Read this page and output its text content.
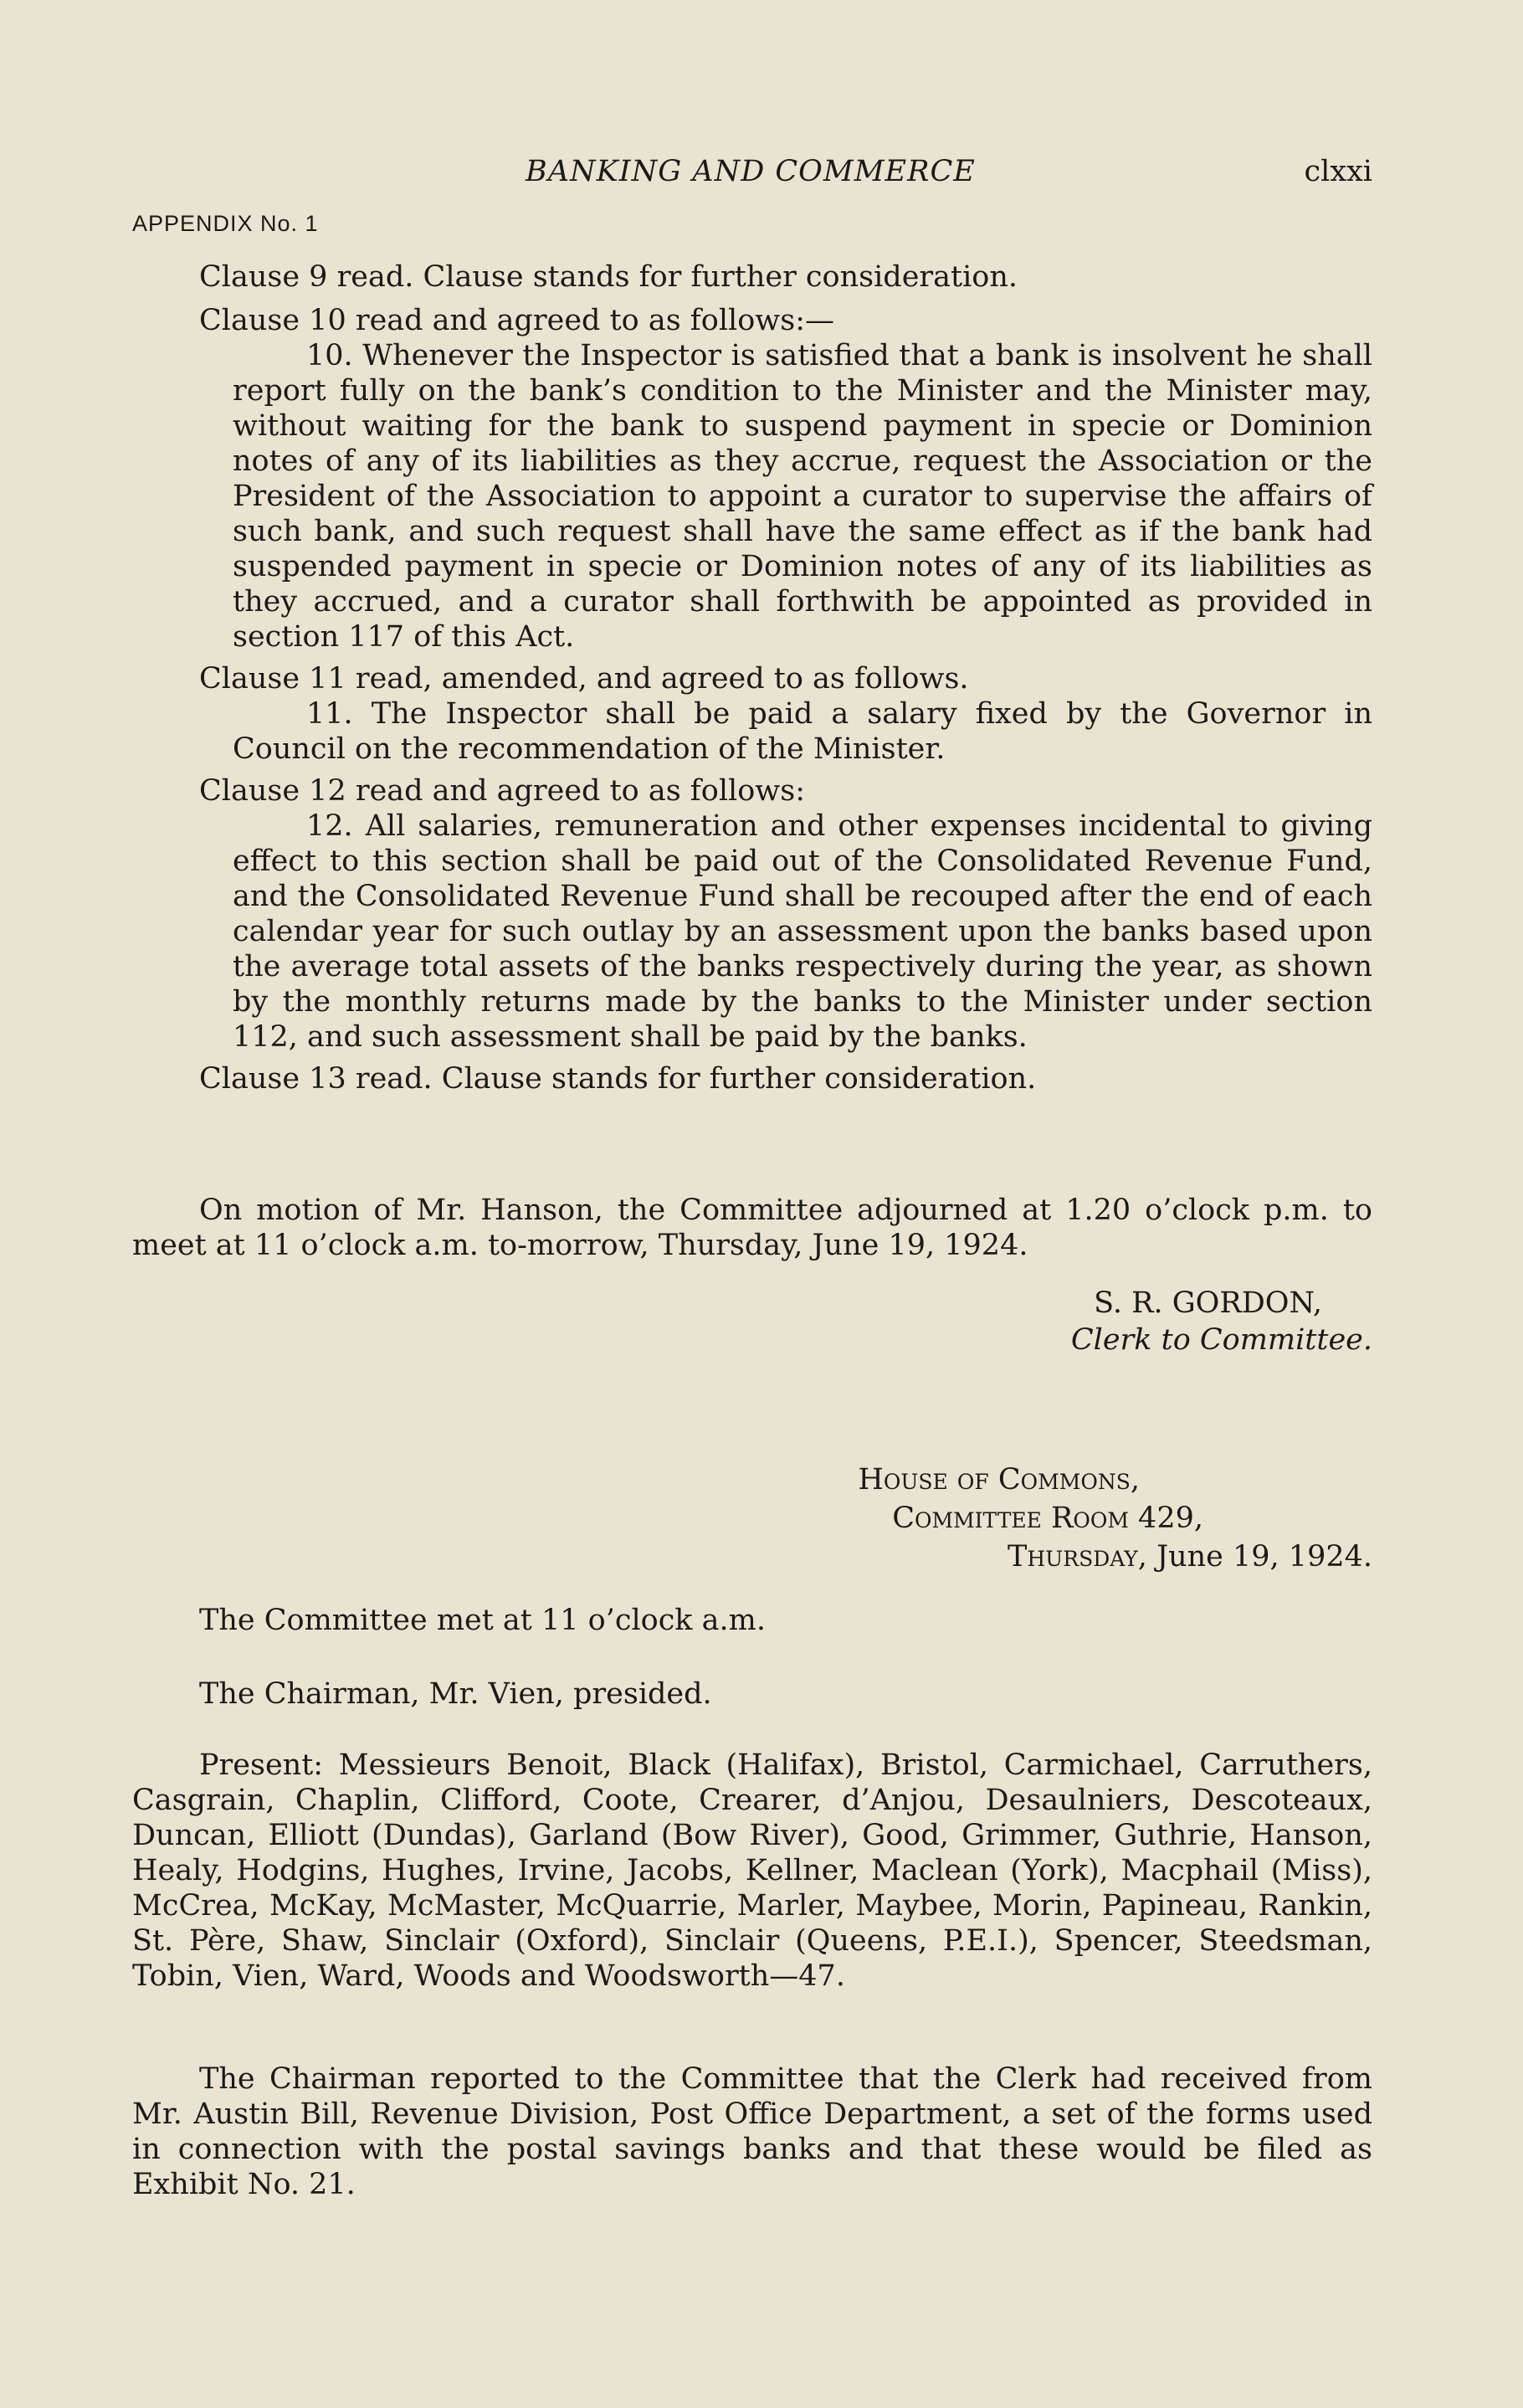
BANKING AND COMMERCE	clxxi
APPENDIX No. 1

Clause 9 read. Clause stands for further consideration.

Clause 10 read and agreed to as follows:—

10. Whenever the Inspector is satisfied that a bank is insolvent he shall report fully on the bank’s condition to the Minister and the Minister may, without waiting for the bank to suspend payment in specie or Dominion notes of any of its liabilities as they accrue, request the Association or the President of the Association to appoint a curator to supervise the affairs of such bank, and such request shall have the same effect as if the bank had suspended payment in specie or Dominion notes of any of its liabilities as they accrued, and a curator shall forthwith be appointed as provided in section 117 of this Act.

Clause 11 read, amended, and agreed to as follows.

11. The Inspector shall be paid a salary fixed by the Governor in Council on the recommendation of the Minister.

Clause 12 read and agreed to as follows:

12. All salaries, remuneration and other expenses incidental to giving effect to this section shall be paid out of the Consolidated Revenue Fund, and the Consolidated Revenue Fund shall be recouped after the end of each calendar year for such outlay by an assessment upon the banks based upon the average total assets of the banks respectively during the year, as shown by the monthly returns made by the banks to the Minister under section 112, and such assessment shall be paid by the banks.

Clause 13 read. Clause stands for further consideration.

On motion of Mr. Hanson, the Committee adjourned at 1.20 o’clock p.m. to meet at 11 o’clock a.m. to-morrow, Thursday, June 19, 1924.

S. R. GORDON,
Clerk to Committee.
House of Commons,
Committee Room 429,
Thursday, June 19, 1924.

The Committee met at 11 o’clock a.m.

The Chairman, Mr. Vien, presided.

Present: Messieurs Benoit, Black (Halifax), Bristol, Carmichael, Carruthers, Casgrain, Chaplin, Clifford, Coote, Crearer, d’Anjou, Desaulniers, Descoteaux, Duncan, Elliott (Dundas), Garland (Bow River), Good, Grimmer, Guthrie, Hanson, Healy, Hodgins, Hughes, Irvine, Jacobs, Kellner, Maclean (York), Macphail (Miss), McCrea, McKay, McMaster, McQuarrie, Marler, Maybee, Morin, Papineau, Rankin, St. Père, Shaw, Sinclair (Oxford), Sinclair (Queens, P.E.I.), Spencer, Steedsman, Tobin, Vien, Ward, Woods and Woodsworth—47.

The Chairman reported to the Committee that the Clerk had received from Mr. Austin Bill, Revenue Division, Post Office Department, a set of the forms used in connection with the postal savings banks and that these would be filed as Exhibit No. 21.
